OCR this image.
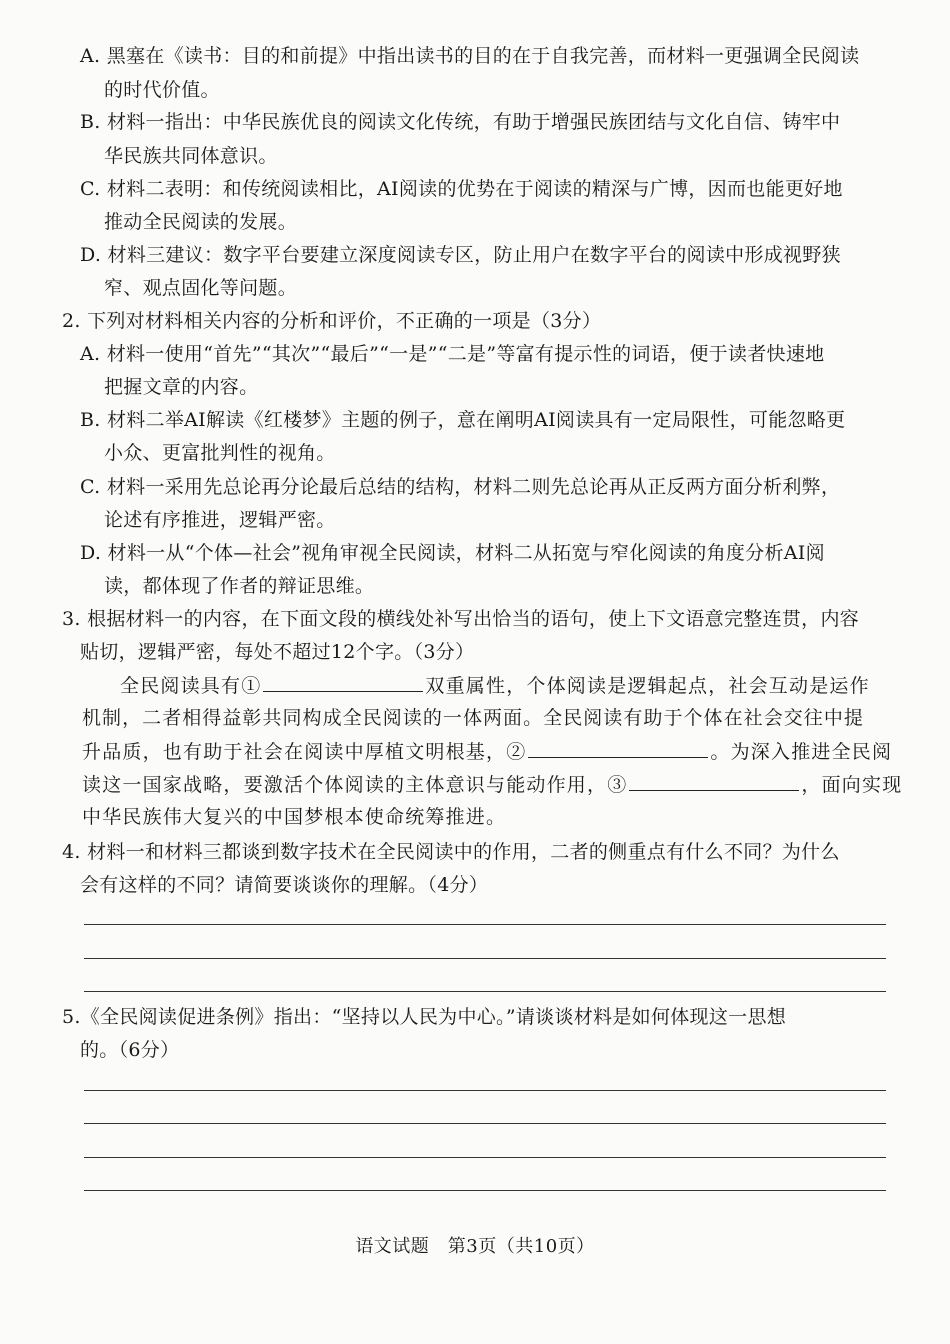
A. 黑塞在《读书：目的和前提》中指出读书的目的在于自我完善，而材料一更强调全民阅读
的时代价值。
B. 材料一指出：中华民族优良的阅读文化传统，有助于增强民族团结与文化自信、铸牢中
华民族共同体意识。
C. 材料二表明：和传统阅读相比，AI阅读的优势在于阅读的精深与广博，因而也能更好地
推动全民阅读的发展。
D. 材料三建议：数字平台要建立深度阅读专区，防止用户在数字平台的阅读中形成视野狭
窄、观点固化等问题。
2. 下列对材料相关内容的分析和评价，不正确的一项是（3分）
A. 材料一使用“首先”“其次”“最后”“一是”“二是”等富有提示性的词语，便于读者快速地
把握文章的内容。
B. 材料二举AI解读《红楼梦》主题的例子，意在阐明AI阅读具有一定局限性，可能忽略更
小众、更富批判性的视角。
C. 材料一采用先总论再分论最后总结的结构，材料二则先总论再从正反两方面分析利弊，
论述有序推进，逻辑严密。
D. 材料一从“个体—社会”视角审视全民阅读，材料二从拓宽与窄化阅读的角度分析AI阅
读，都体现了作者的辩证思维。
3. 根据材料一的内容，在下面文段的横线处补写出恰当的语句，使上下文语意完整连贯，内容
贴切，逻辑严密，每处不超过12个字。（3分）
全民阅读具有①	双重属性，个体阅读是逻辑起点，社会互动是运作
机制，二者相得益彰共同构成全民阅读的一体两面。全民阅读有助于个体在社会交往中提
升品质，也有助于社会在阅读中厚植文明根基，②	。为深入推进全民阅
读这一国家战略，要激活个体阅读的主体意识与能动作用，③	，面向实现
中华民族伟大复兴的中国梦根本使命统筹推进。
4. 材料一和材料三都谈到数字技术在全民阅读中的作用，二者的侧重点有什么不同？为什么
会有这样的不同？请简要谈谈你的理解。（4分）
5.《全民阅读促进条例》指出：“坚持以人民为中心。”请谈谈材料是如何体现这一思想
的。（6分）
语文试题　第3页（共10页）
